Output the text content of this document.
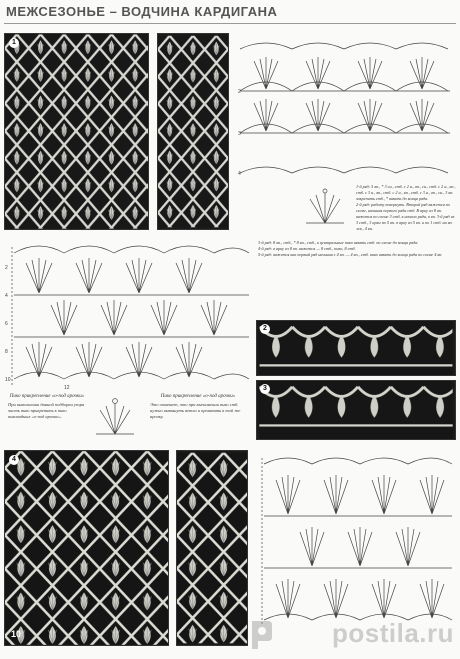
МЕЖСЕЗОНЬЕ – ВОДЧИНА КАРДИГАНА
1
2
3
4
1-й ряд: 5 вп., * 3 сн., стб. с 2 н., вп., сн., стб. с 2 н., вп., стб. с 3 н., вп., стб. с 2 н., вп., стб. с 3 н., вп., сн., 3 вп. закрепить стб., * вязать до конца ряда.
2-й ряд: работу повернуть. Второй ряд вяжется по схеме, начиная первого ряда стб. В арку из 8 вп. вяжется по схеме 3 стб. в начало ряда, в вп. 3-й ряд из 3 стб., 3 арки по 5 вп. в арку из 5 вп. и по 1 стб. на вп. лев., 4 вп.
3-й ряд: 8 вп., стб., * 8 вп., стб., в центральные пико вязать стб. по схеме до конца ряда.
4-й ряд: в арку из 8 вп. вяжется — 8 стб., пико, 8 стб.
5-й ряд: вяжется как первый ряд начиная с 4 вп. — 4 вп., стб. пико вязать до конца ряда по схеме 4 вп.
2
4
6
8
10
12
Пико прикрепление «о-под арочки»
При выполнении данной подборки узора часть пико прикрепить к пико пиковидных «о-под арочки».
Пико прикрепление «о-под арочки»
Это означает, что при выполнении пико стб. нужно вытянуть петли и провязать в той же арочку.
2
3
4
10	postila.ru
